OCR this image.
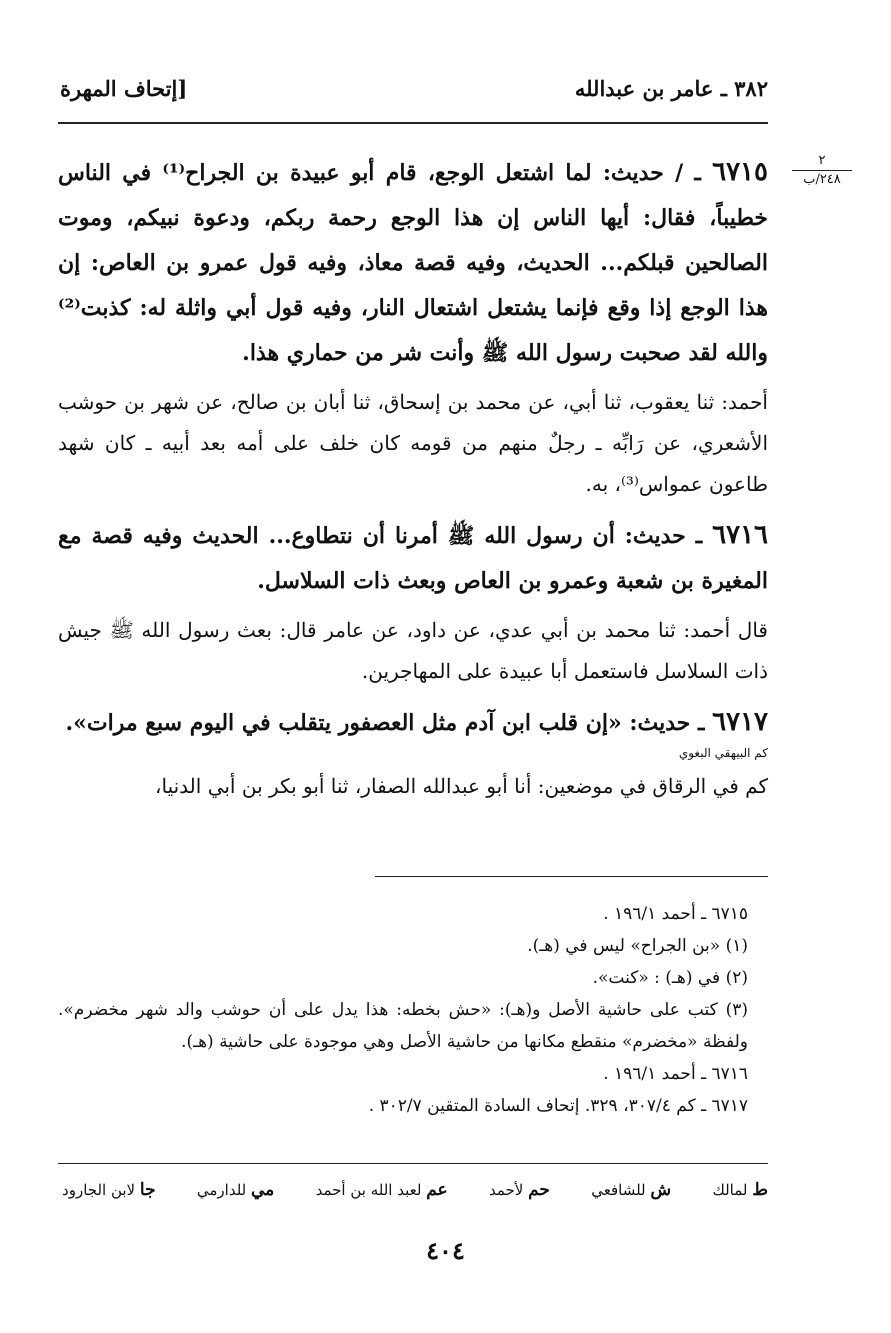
٣٨٢ ـ عامر بن عبدالله
[إتحاف المهرة
٢
٢٤٨/ب

٦٧١٥ ـ / حديث: لما اشتعل الوجع، قام أبو عبيدة بن الجراح⁽¹⁾ في الناس خطيباً، فقال: أيها الناس إن هذا الوجع رحمة ربكم، ودعوة نبيكم، وموت الصالحين قبلكم... الحديث، وفيه قصة معاذ، وفيه قول عمرو بن العاص: إن هذا الوجع إذا وقع فإنما يشتعل اشتعال النار، وفيه قول أبي واثلة له: كذبت⁽²⁾ والله لقد صحبت رسول الله ﷺ وأنت شر من حماري هذا.

أحمد: ثنا يعقوب، ثنا أبي، عن محمد بن إسحاق، ثنا أبان بن صالح، عن شهر بن حوشب الأشعري، عن رَابِّه ـ رجلٌ منهم من قومه كان خلف على أمه بعد أبيه ـ كان شهد طاعون عمواس⁽³⁾، به.

٦٧١٦ ـ حديث: أن رسول الله ﷺ أمرنا أن نتطاوع... الحديث وفيه قصة مع المغيرة بن شعبة وعمرو بن العاص وبعث ذات السلاسل.

قال أحمد: ثنا محمد بن أبي عدي، عن داود، عن عامر قال: بعث رسول الله ﷺ جيش ذات السلاسل فاستعمل أبا عبيدة على المهاجرين.

٦٧١٧ ـ حديث: «إن قلب ابن آدم مثل العصفور يتقلب في اليوم سبع مرات».

كم البيهقي البغوي

كم في الرقاق في موضعين: أنا أبو عبدالله الصفار، ثنا أبو بكر بن أبي الدنيا،

٦٧١٥ ـ أحمد ١٩٦/١ .

(١) «بن الجراح» ليس في (هـ).

(٢) في (هـ) : «كنت».

(٣) كتب على حاشية الأصل و(هـ): «حش بخطه: هذا يدل على أن حوشب والد شهر مخضرم». ولفظة «مخضرم» منقطع مكانها من حاشية الأصل وهي موجودة على حاشية (هـ).

٦٧١٦ ـ أحمد ١٩٦/١ .

٦٧١٧ ـ كم ٣٠٧/٤، ٣٢٩. إتحاف السادة المتقين ٣٠٢/٧ .

ط لمالك
ش للشافعي
حم لأحمد
عم لعبد الله بن أحمد
مي للدارمي
جا لابن الجارود
٤٠٤
